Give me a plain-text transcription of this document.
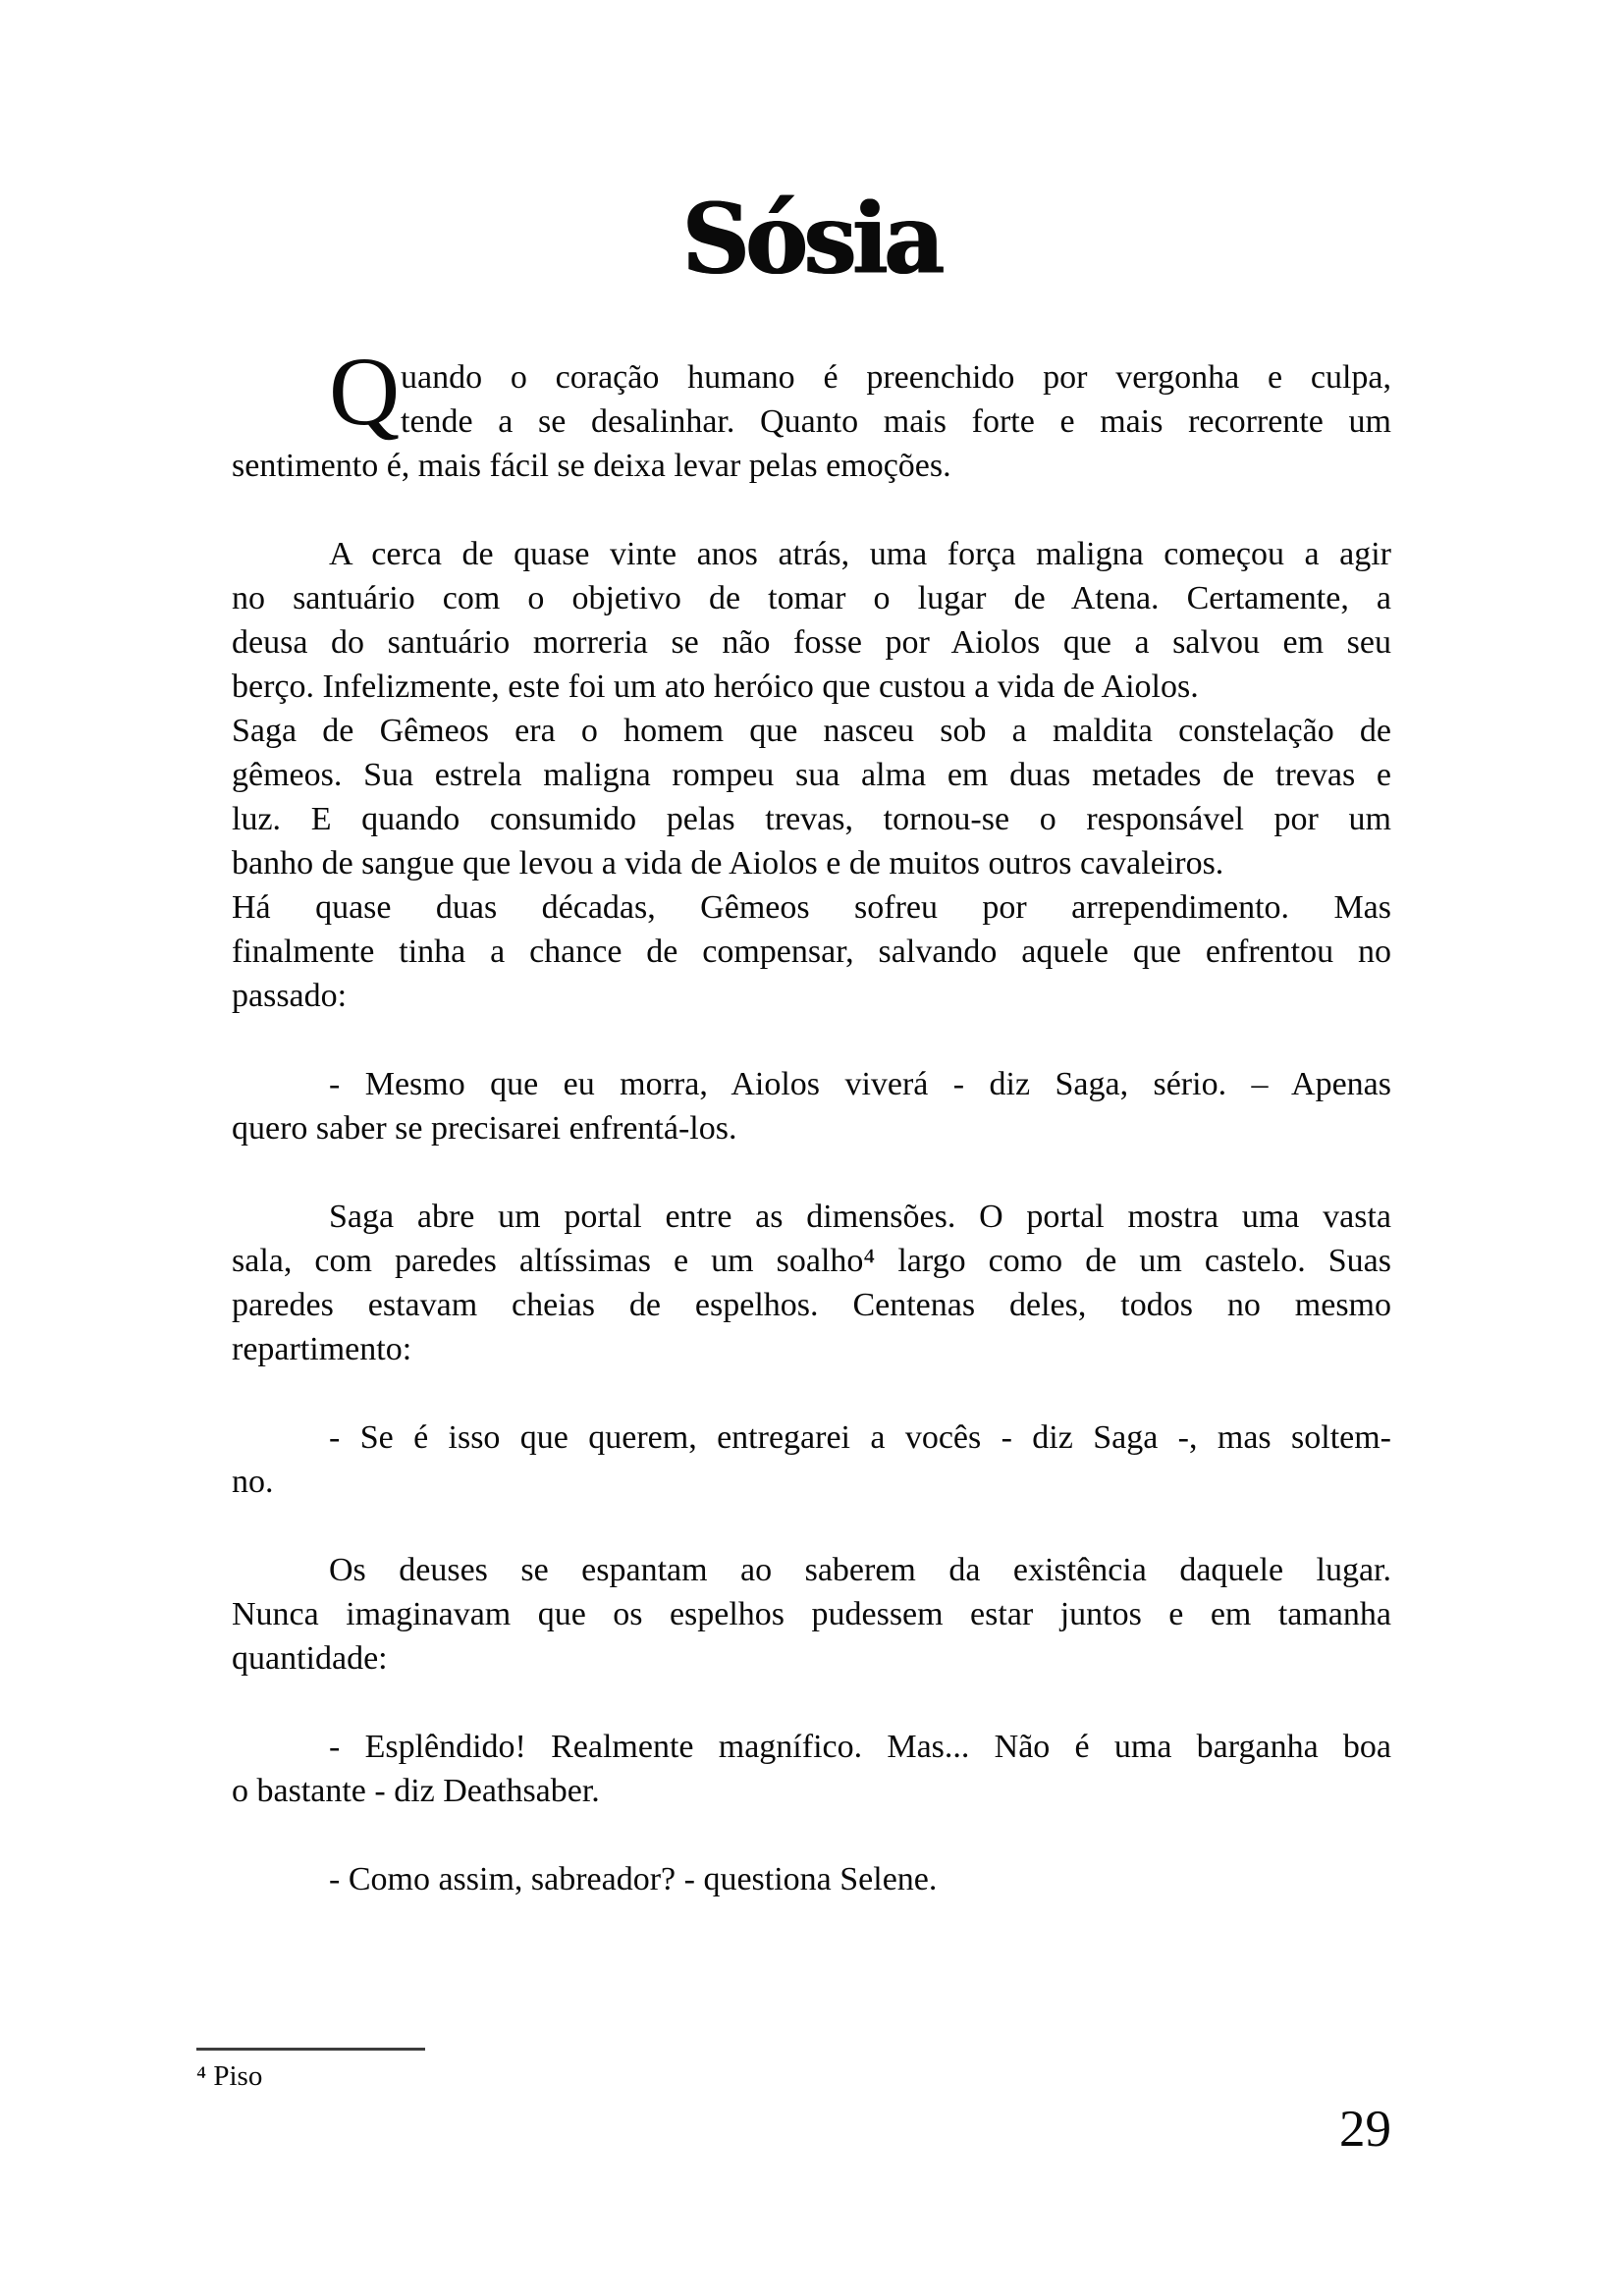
Sósia
Q uando o coração humano é preenchido por vergonha e culpa,
tende a se desalinhar. Quanto mais forte e mais recorrente um
sentimento é, mais fácil se deixa levar pelas emoções.
A cerca de quase vinte anos atrás, uma força maligna começou a agir
no santuário com o objetivo de tomar o lugar de Atena. Certamente, a
deusa do santuário morreria se não fosse por Aiolos que a salvou em seu
berço. Infelizmente, este foi um ato heróico que custou a vida de Aiolos.
Saga de Gêmeos era o homem que nasceu sob a maldita constelação de
gêmeos. Sua estrela maligna rompeu sua alma em duas metades de trevas e
luz. E quando consumido pelas trevas, tornou-se o responsável por um
banho de sangue que levou a vida de Aiolos e de muitos outros cavaleiros.
Há quase duas décadas, Gêmeos sofreu por arrependimento. Mas
finalmente tinha a chance de compensar, salvando aquele que enfrentou no
passado:
- Mesmo que eu morra, Aiolos viverá - diz Saga, sério. – Apenas
quero saber se precisarei enfrentá-los.
Saga abre um portal entre as dimensões. O portal mostra uma vasta
sala, com paredes altíssimas e um soalho⁴ largo como de um castelo. Suas
paredes estavam cheias de espelhos. Centenas deles, todos no mesmo
repartimento:
- Se é isso que querem, entregarei a vocês - diz Saga -, mas soltem-
no.
Os deuses se espantam ao saberem da existência daquele lugar.
Nunca imaginavam que os espelhos pudessem estar juntos e em tamanha
quantidade:
- Esplêndido! Realmente magnífico. Mas... Não é uma barganha boa
o bastante - diz Deathsaber.
- Como assim, sabreador? - questiona Selene.
⁴ Piso
29
